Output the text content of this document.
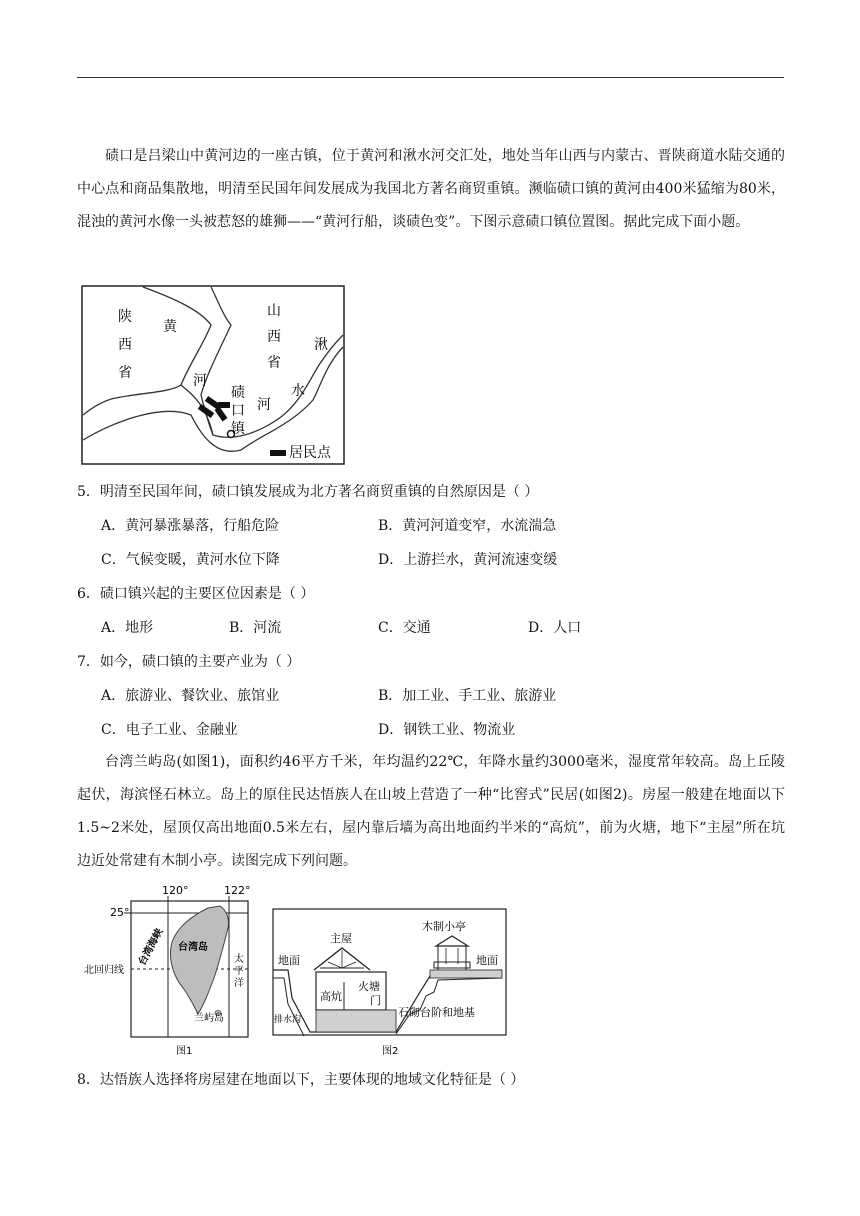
碛口是吕梁山中黄河边的一座古镇，位于黄河和湫水河交汇处，地处当年山西与内蒙古、晋陕商道水陆交通的中心点和商品集散地，明清至民国年间发展成为我国北方著名商贸重镇。濒临碛口镇的黄河由400米猛缩为80米，混浊的黄河水像一头被惹怒的雄狮——“黄河行船，谈碛色变”。下图示意碛口镇位置图。据此完成下面小题。

陕
西
省
黄
河
山
西
省
湫
水
河
碛
口
镇
居民点

5．明清至民国年间，碛口镇发展成为北方著名商贸重镇的自然原因是（ ）

A．黄河暴涨暴落，行船危险	B．黄河河道变窄，水流湍急
C．气候变暖，黄河水位下降	D．上游拦水，黄河流速变缓

6．碛口镇兴起的主要区位因素是（ ）

A．地形	B．河流	C．交通	D．人口

7．如今，碛口镇的主要产业为（ ）

A．旅游业、餐饮业、旅馆业	B．加工业、手工业、旅游业
C．电子工业、金融业	D．钢铁工业、物流业

台湾兰屿岛(如图1)，面积约46平方千米，年均温约22℃，年降水量约3000毫米，湿度常年较高。岛上丘陵起伏，海滨怪石林立。岛上的原住民达悟族人在山坡上营造了一种“比窖式”民居(如图2)。房屋一般建在地面以下1.5~2米处，屋顶仅高出地面0.5米左右，屋内靠后墙为高出地面约半米的“高炕”，前为火塘，地下“主屋”所在坑边近处常建有木制小亭。读图完成下列问题。

120°	122°
25°
台湾海峡 台湾岛
北回归线
太
平
洋
兰屿岛
图1
地面	地面
主屋
木制小亭
高炕
火塘
门
排水沟
石砌台阶和地基
图2

8．达悟族人选择将房屋建在地面以下，主要体现的地域文化特征是（ ）
